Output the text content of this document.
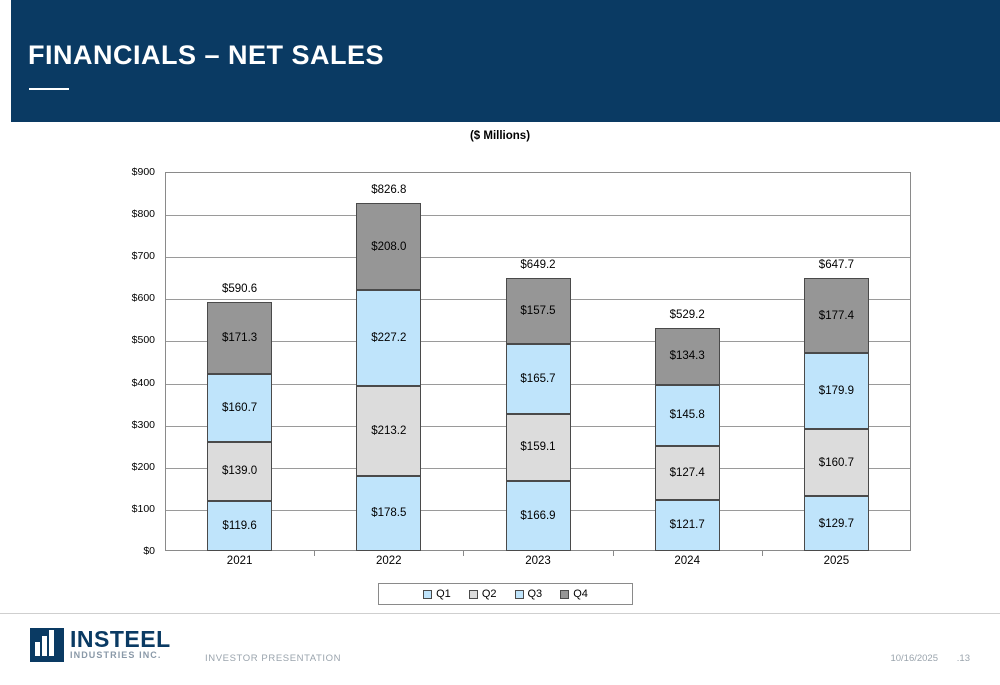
FINANCIALS – NET SALES
($ Millions)
$0
$100
$200
$300
$400
$500
$600
$700
$800
$900
$119.6
$139.0
$160.7
$171.3
$590.6
$178.5
$213.2
$227.2
$208.0
$826.8
$166.9
$159.1
$165.7
$157.5
$649.2
$121.7
$127.4
$145.8
$134.3
$529.2
$129.7
$160.7
$179.9
$177.4
$647.7
2021	2022	2023	2024	2025
Q1	Q2	Q3	Q4
INSTEEL
INDUSTRIES INC.	INVESTOR PRESENTATION	10/16/2025 .13
